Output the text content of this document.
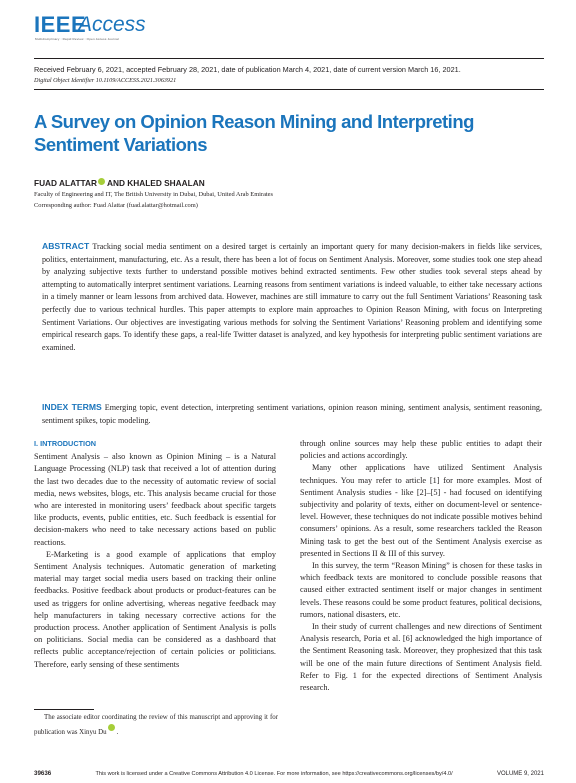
IEEE
Access
Multidisciplinary : Rapid Review : Open Access Journal
Received February 6, 2021, accepted February 28, 2021, date of publication March 4, 2021, date of current version March 16, 2021.
Digital Object Identifier 10.1109/ACCESS.2021.3063921
A Survey on Opinion Reason Mining and Interpreting Sentiment Variations
FUAD ALATTAR AND KHALED SHAALAN
Faculty of Engineering and IT, The British University in Dubai, Dubai, United Arab Emirates
Corresponding author: Fuad Alattar (fuad.alattar@hotmail.com)
ABSTRACT Tracking social media sentiment on a desired target is certainly an important query for many decision-makers in fields like services, politics, entertainment, manufacturing, etc. As a result, there has been a lot of focus on Sentiment Analysis. Moreover, some studies took one step ahead by analyzing subjective texts further to understand possible motives behind extracted sentiments. Few other studies took several steps ahead by attempting to automatically interpret sentiment variations. Learning reasons from sentiment variations is indeed valuable, to either take necessary actions in a timely manner or learn lessons from archived data. However, machines are still immature to carry out the full Sentiment Variations’ Reasoning task perfectly due to various technical hurdles. This paper attempts to explore main approaches to Opinion Reason Mining, with focus on Interpreting Sentiment Variations. Our objectives are investigating various methods for solving the Sentiment Variations’ Reasoning problem and identifying some empirical research gaps. To identify these gaps, a real-life Twitter dataset is analyzed, and key hypothesis for interpreting public sentiment variations are examined.
INDEX TERMS Emerging topic, event detection, interpreting sentiment variations, opinion reason mining, sentiment analysis, sentiment reasoning, sentiment spikes, topic modeling.
I. INTRODUCTION

Sentiment Analysis – also known as Opinion Mining – is a Natural Language Processing (NLP) task that received a lot of attention during the last two decades due to the necessity of automatic review of social media, news websites, blogs, etc. This analysis became crucial for those who are interested in monitoring users’ feedback about specific targets like products, events, public entities, etc. Such feedback is essential for decision-makers who need to take necessary actions based on public reactions.

E-Marketing is a good example of applications that employ Sentiment Analysis techniques. Automatic generation of marketing material may target social media users based on tracking their online feedbacks. Positive feedback about products or product-features can be used as triggers for online advertising, whereas negative feedback may help manufacturers in taking necessary corrective actions for the production process. Another application of Sentiment Analysis is polls on politicians. Social media can be considered as a dashboard that reflects public acceptance/rejection of certain policies or politicians. Therefore, early sensing of these sentiments

through online sources may help these public entities to adapt their policies and actions accordingly.

Many other applications have utilized Sentiment Analysis techniques. You may refer to article [1] for more examples. Most of Sentiment Analysis studies - like [2]–[5] - had focused on identifying subjectivity and polarity of texts, either on document-level or sentence-level. However, these techniques do not indicate possible motives behind consumers’ opinions. As a result, some researchers tackled the Reason Mining task to get the best out of the Sentiment Analysis exercise as presented in Sections II & III of this survey.

In this survey, the term “Reason Mining” is chosen for these tasks in which feedback texts are monitored to conclude possible reasons that caused either extracted sentiment itself or major changes in sentiment levels. These reasons could be some product features, political decisions, rumors, national disasters, etc.

In their study of current challenges and new directions of Sentiment Analysis research, Poria et al. [6] acknowledged the high importance of the Sentiment Reasoning task. Moreover, they prophesized that this task will be one of the main future directions of Sentiment Analysis field. Refer to Fig. 1 for the expected directions of Sentiment Analysis research.

The associate editor coordinating the review of this manuscript and approving it for publication was Xinyu Du .
39636	This work is licensed under a Creative Commons Attribution 4.0 License. For more information, see https://creativecommons.org/licenses/by/4.0/	VOLUME 9, 2021
